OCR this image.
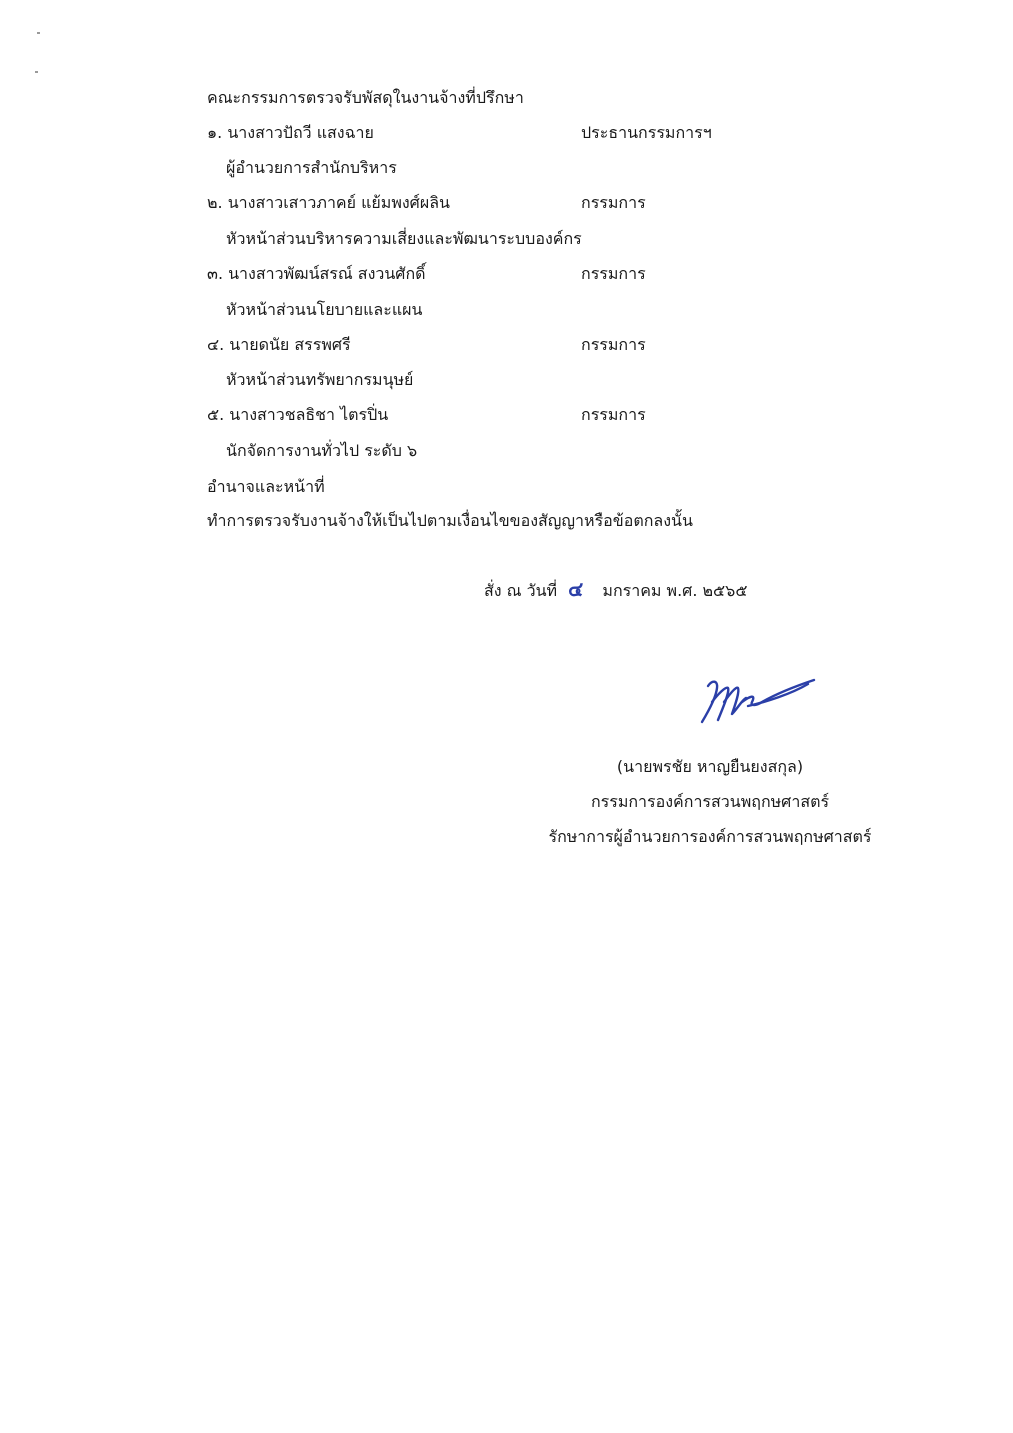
คณะกรรมการตรวจรับพัสดุในงานจ้างที่ปรึกษา
๑. นางสาวปัถวี แสงฉาย	ประธานกรรมการฯ
ผู้อำนวยการสำนักบริหาร
๒. นางสาวเสาวภาคย์ แย้มพงศ์ผลิน	กรรมการ
หัวหน้าส่วนบริหารความเสี่ยงและพัฒนาระบบองค์กร
๓. นางสาวพัฒน์สรณ์ สงวนศักดิ์	กรรมการ
หัวหน้าส่วนนโยบายและแผน
๔. นายดนัย สรรพศรี	กรรมการ
หัวหน้าส่วนทรัพยากรมนุษย์
๕. นางสาวชลธิชา ไตรปิ่น	กรรมการ
นักจัดการงานทั่วไป ระดับ ๖
อำนาจและหน้าที่
ทำการตรวจรับงานจ้างให้เป็นไปตามเงื่อนไขของสัญญาหรือข้อตกลงนั้น
สั่ง ณ วันที่ ๔ มกราคม พ.ศ. ๒๕๖๕
(นายพรชัย หาญยืนยงสกุล)
กรรมการองค์การสวนพฤกษศาสตร์
รักษาการผู้อำนวยการองค์การสวนพฤกษศาสตร์
